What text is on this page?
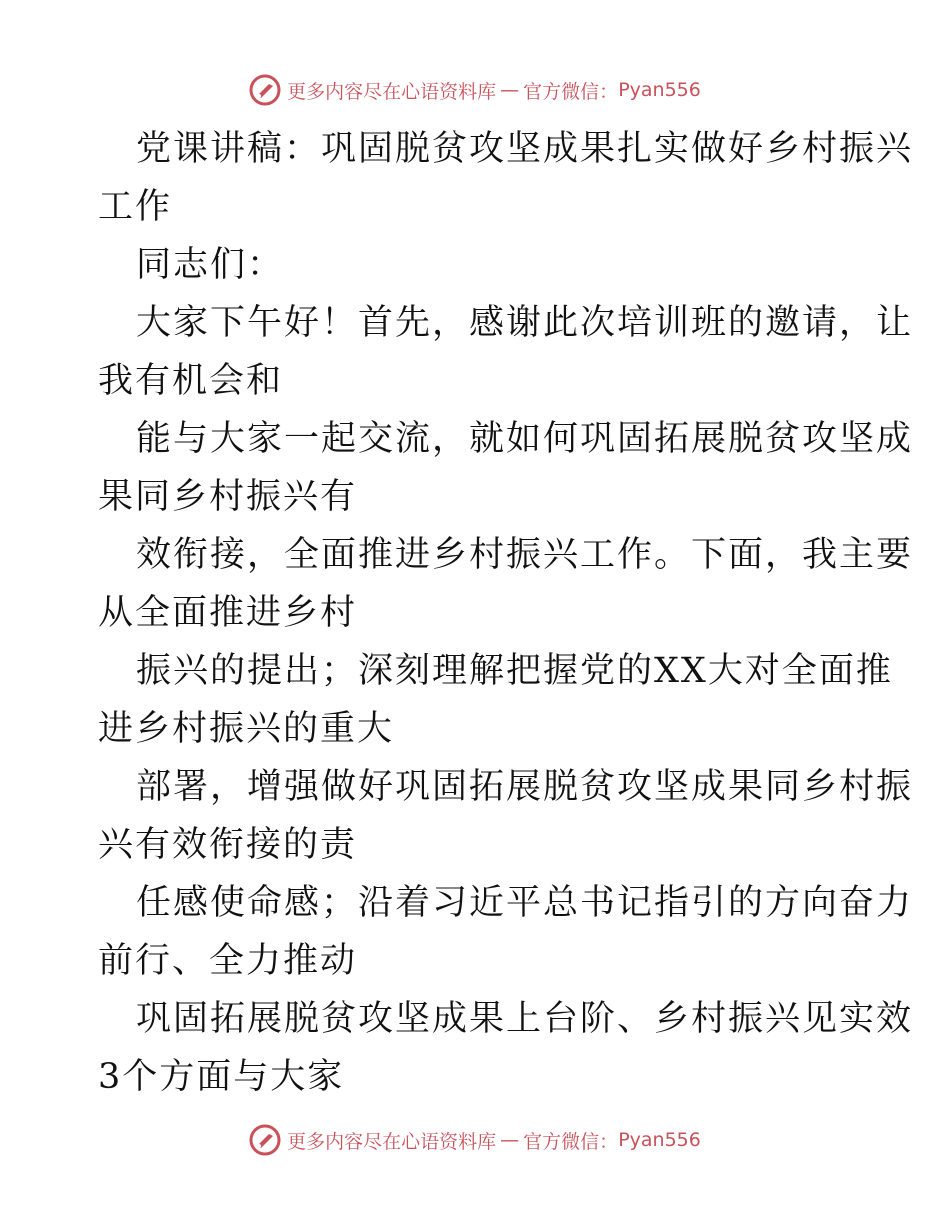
更多内容尽在心语资料库 — 官方微信： Pyan556
党课讲稿：巩固脱贫攻坚成果扎实做好乡村振兴
工作
同志们：
大家下午好！首先，感谢此次培训班的邀请，让
我有机会和
能与大家一起交流，就如何巩固拓展脱贫攻坚成
果同乡村振兴有
效衔接，全面推进乡村振兴工作。下面，我主要
从全面推进乡村
振兴的提出；深刻理解把握党的XX大对全面推
进乡村振兴的重大
部署，增强做好巩固拓展脱贫攻坚成果同乡村振
兴有效衔接的责
任感使命感；沿着习近平总书记指引的方向奋力
前行、全力推动
巩固拓展脱贫攻坚成果上台阶、乡村振兴见实效
3个方面与大家
更多内容尽在心语资料库 — 官方微信： Pyan556
